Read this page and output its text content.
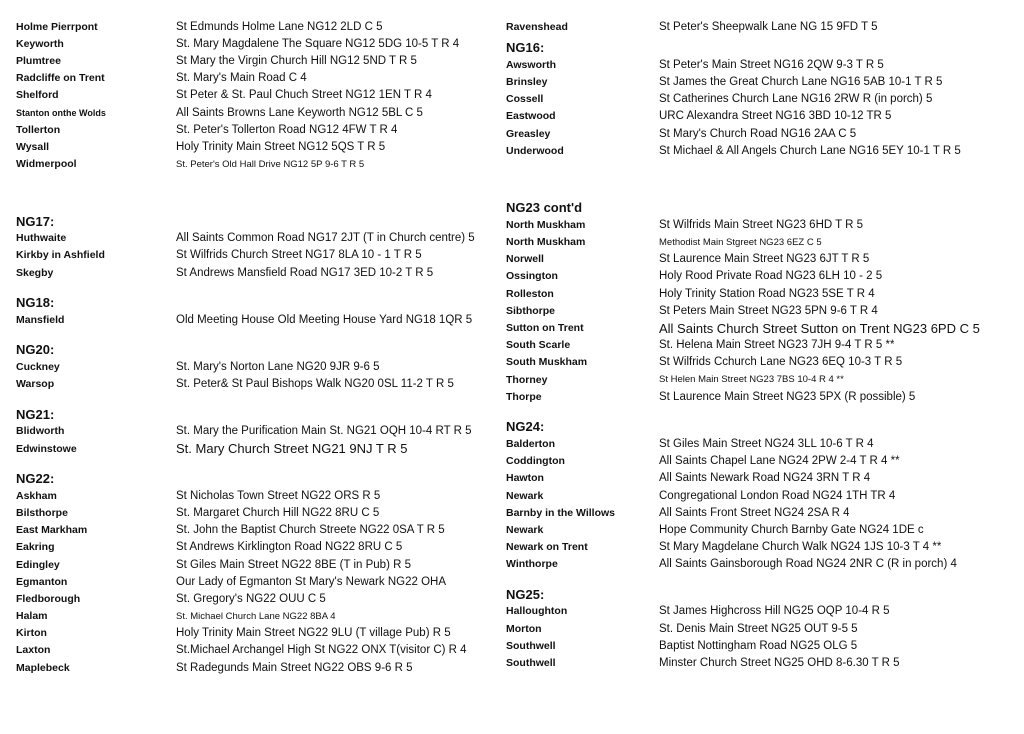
Holme Pierrpont	St Edmunds Holme Lane NG12 2LD C 5
Keyworth	St. Mary Magdalene The Square NG12 5DG 10-5 T R 4
Plumtree	St Mary the Virgin Church Hill NG12 5ND T R 5
Radcliffe on Trent	St. Mary's Main Road C 4
Shelford	St Peter & St. Paul Chuch Street NG12 1EN T R 4
Stanton onthe Wolds	All Saints Browns Lane Keyworth NG12 5BL C 5
Tollerton	St. Peter's Tollerton Road NG12 4FW T R 4
Wysall	Holy Trinity Main Street NG12 5QS T R 5
Widmerpool	St. Peter's Old Hall Drive NG12 5P 9-6 T R 5
NG17:
Huthwaite	All Saints Common Road NG17 2JT (T in Church centre) 5
Kirkby in Ashfield	St Wilfrids Church Street NG17 8LA 10 - 1 T R 5
Skegby	St Andrews Mansfield Road NG17 3ED 10-2 T R 5
NG18:
Mansfield	Old Meeting House Old Meeting House Yard NG18 1QR 5
NG20:
Cuckney	St. Mary's Norton Lane NG20 9JR 9-6 5
Warsop	St. Peter& St Paul Bishops Walk NG20 0SL 11-2 T R 5
NG21:
Blidworth	St. Mary the Purification Main St. NG21 OQH 10-4 RT R 5
Edwinstowe	St. Mary Church Street NG21 9NJ T R 5
NG22:
Askham	St Nicholas Town Street NG22 ORS R 5
Bilsthorpe	St. Margaret Church Hill NG22 8RU C 5
East Markham	St. John the Baptist Church Streete NG22 0SA T R 5
Eakring	St Andrews Kirklington Road NG22 8RU C 5
Edingley	St Giles Main Street NG22 8BE (T in Pub) R 5
Egmanton	Our Lady of Egmanton St Mary's Newark NG22 OHA
Fledborough	St. Gregory's NG22 OUU C 5
Halam	St. Michael Church Lane NG22 8BA 4
Kirton	Holy Trinity Main Street NG22 9LU (T village Pub) R 5
Laxton	St.Michael Archangel High St NG22 ONX T(visitor C) R 4
Maplebeck	St Radegunds Main Street NG22 OBS 9-6 R 5
Ravenshead	St Peter's Sheepwalk Lane NG 15 9FD T 5
NG16:
Awsworth	St Peter's Main Street NG16 2QW 9-3 T R 5
Brinsley	St James the Great Church Lane NG16 5AB 10-1 T R 5
Cossell	St Catherines Church Lane NG16 2RW R (in porch) 5
Eastwood	URC Alexandra Street NG16 3BD 10-12 TR 5
Greasley	St Mary's Church Road NG16 2AA C 5
Underwood	St Michael & All Angels Church Lane NG16 5EY 10-1 T R 5
NG23 cont'd
North Muskham	St Wilfrids Main Street NG23 6HD T R 5
North Muskham	Methodist Main Stgreet NG23 6EZ C 5
Norwell	St Laurence Main Street NG23 6JT T R 5
Ossington	Holy Rood Private Road NG23 6LH 10 - 2 5
Rolleston	Holy Trinity Station Road NG23 5SE T R 4
Sibthorpe	St Peters Main Street NG23 5PN 9-6 T R 4
Sutton on Trent	All Saints Church Street Sutton on Trent NG23 6PD C 5
South Scarle	St. Helena Main Street NG23 7JH 9-4 T R 5 **
South Muskham	St Wilfrids Cchurch Lane NG23 6EQ 10-3 T R 5
Thorney	St Helen Main Street NG23 7BS 10-4 R 4 **
Thorpe	St Laurence Main Street NG23 5PX (R possible) 5
NG24:
Balderton	St Giles Main Street NG24 3LL 10-6 T R 4
Coddington	All Saints Chapel Lane NG24 2PW 2-4 T R 4 **
Hawton	All Saints Newark Road NG24 3RN T R 4
Newark	Congregational London Road NG24 1TH TR 4
Barnby in the Willows	All Saints Front Street NG24 2SA R 4
Newark	Hope Community Church Barnby Gate NG24 1DE c
Newark on Trent	St Mary Magdelane Church Walk NG24 1JS 10-3 T 4 **
Winthorpe	All Saints Gainsborough Road NG24 2NR C (R in porch) 4
NG25:
Halloughton	St James Highcross Hill NG25 OQP 10-4 R 5
Morton	St. Denis Main Street NG25 OUT 9-5 5
Southwell	Baptist Nottingham Road NG25 OLG 5
Southwell	Minster Church Street NG25 OHD 8-6.30 T R 5
